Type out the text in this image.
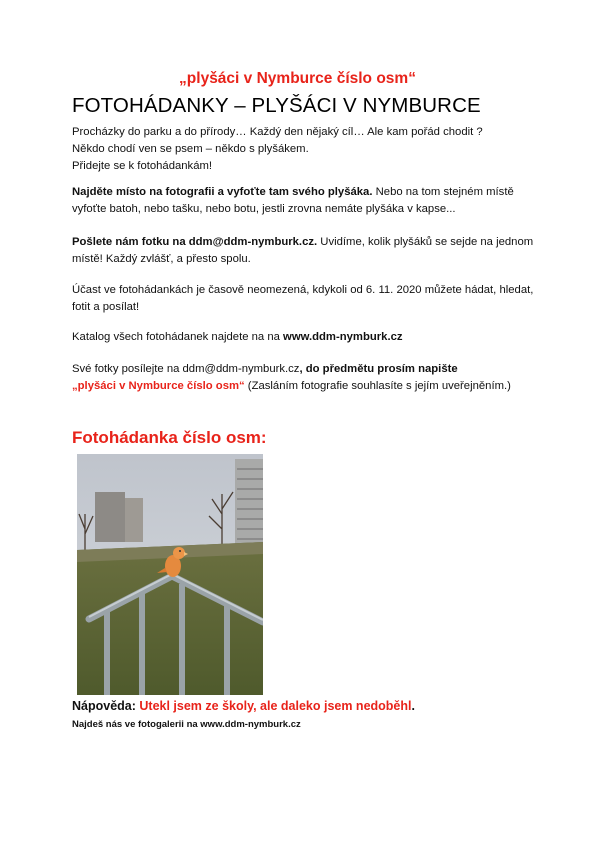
„plyšáci v Nymburce číslo osm“
FOTOHÁDANKY – PLYŠÁCI V NYMBURCE
Procházky do parku a do přírody… Každý den nějaký cíl… Ale kam pořád chodit ?
Někdo chodí ven se psem – někdo s plyšákem.
Přidejte se k fotohádankám!
Najděte místo na fotografii a vyfoťte tam svého plyšáka. Nebo na tom stejném místě vyfoťte batoh, nebo tašku, nebo botu, jestli zrovna nemáte plyšáka v kapse...
Pošlete nám fotku na ddm@ddm-nymburk.cz. Uvidíme, kolik plyšáků se sejde na jednom místě! Každý zvlášť, a přesto spolu.
Účast ve fotohádankách je časově neomezená, kdykoli od 6. 11. 2020 můžete hádat, hledat, fotit a posílat!
Katalog všech fotohádanek najdete na na www.ddm-nymburk.cz
Své fotky posílejte na ddm@ddm-nymburk.cz, do předmětu prosím napište
„plyšáci v Nymburce číslo osm“ (Zasláním fotografie souhlasíte s jejím uveřejněním.)
Fotohádanka číslo osm:
Nápověda: Utekl jsem ze školy, ale daleko jsem nedoběhl.
Najdeš nás ve fotogalerii na www.ddm-nymburk.cz
